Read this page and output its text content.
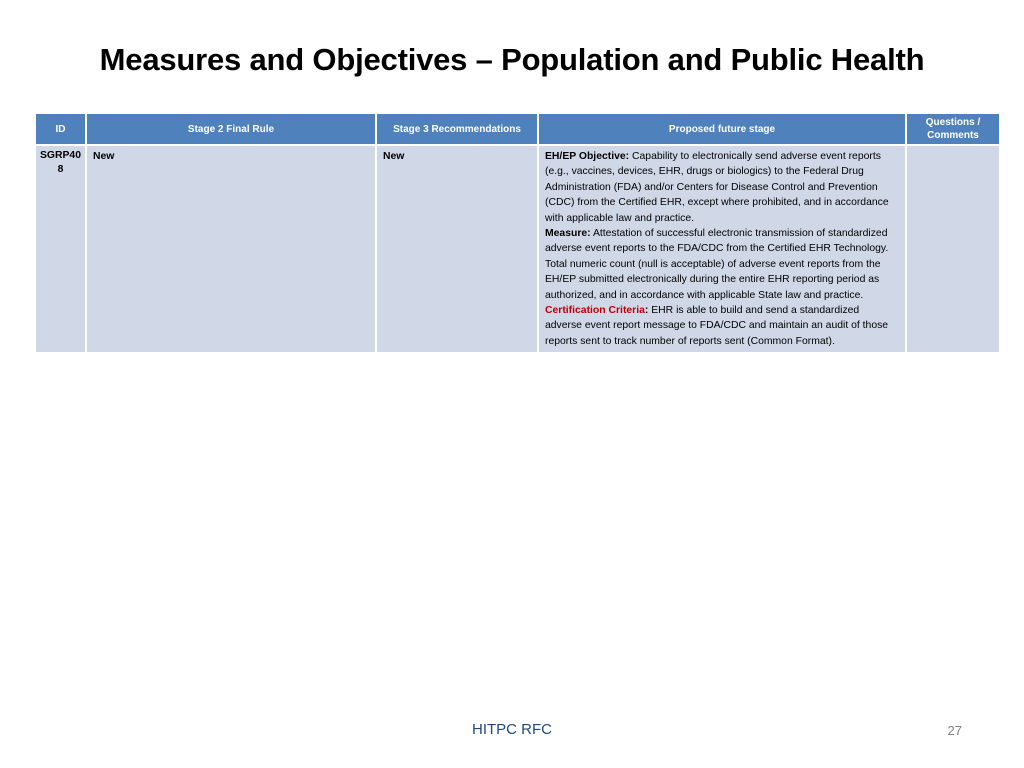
Measures and Objectives – Population and Public Health
ID	Stage 2 Final Rule	Stage 3 Recommendations	Proposed future stage	Questions / Comments
SGRP408	New	New	EH/EP Objective: Capability to electronically send adverse event reports (e.g., vaccines, devices, EHR, drugs or biologics) to the Federal Drug Administration (FDA) and/or Centers for Disease Control and Prevention (CDC) from the Certified EHR, except where prohibited, and in accordance with applicable law and practice.
Measure: Attestation of successful electronic transmission of standardized adverse event reports to the FDA/CDC from the Certified EHR Technology. Total numeric count (null is acceptable) of adverse event reports from the EH/EP submitted electronically during the entire EHR reporting period as authorized, and in accordance with applicable State law and practice.
Certification Criteria: EHR is able to build and send a standardized adverse event report message to FDA/CDC and maintain an audit of those reports sent to track number of reports sent (Common Format).	
HITPC RFC	27
